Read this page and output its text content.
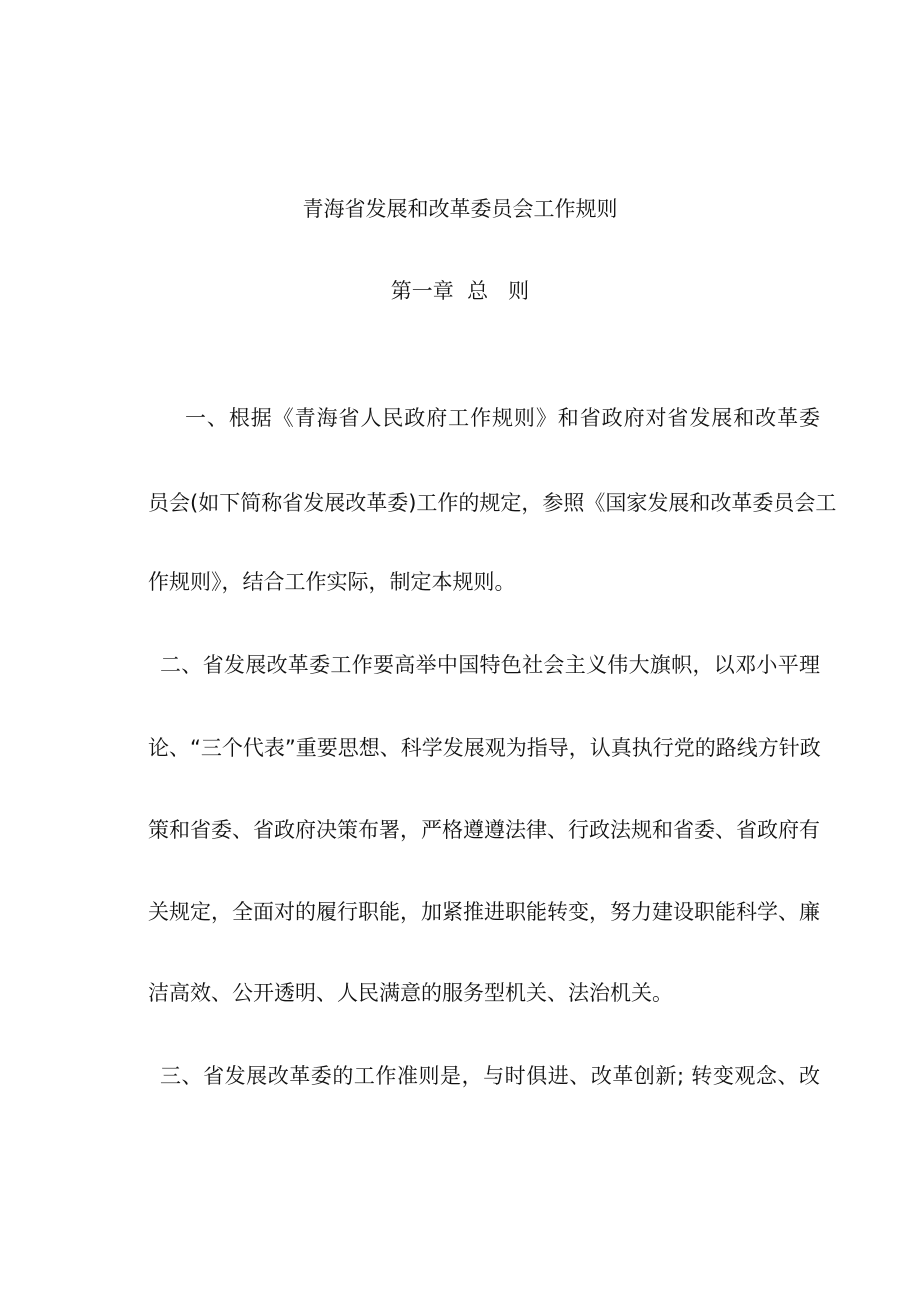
青海省发展和改革委员会工作规则
第一章  总   则
一、根据《青海省人民政府工作规则》和省政府对省发展和改革委
员会(如下简称省发展改革委)工作的规定，参照《国家发展和改革委员会工
作规则》，结合工作实际，制定本规则。
二、省发展改革委工作要高举中国特色社会主义伟大旗帜，以邓小平理
论、“三个代表”重要思想、科学发展观为指导，认真执行党的路线方针政
策和省委、省政府决策布署，严格遵遵法律、行政法规和省委、省政府有
关规定，全面对的履行职能，加紧推进职能转变，努力建设职能科学、廉
洁高效、公开透明、人民满意的服务型机关、法治机关。
三、省发展改革委的工作准则是，与时俱进、改革创新; 转变观念、改
